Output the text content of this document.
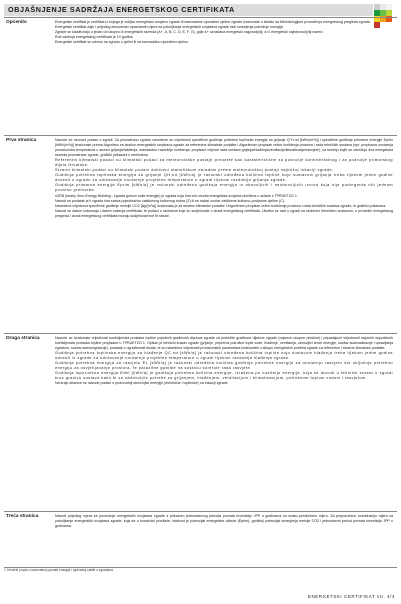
OBJAŠNJENJE SADRŽAJA ENERGETSKOG CERTIFIKATA
Općenito	Energetski certifikat je certifikat iz kojega je vidljivo energetsko svojstvo zgrade ili samostalne uporabne cjeline zgrade izračunato u skladu sa Metodologijom provođenja energetskog pregleda zgrade.

Energetski certifikat daje i prijedlog ekonomski opravdanih mjera za poboljšanje energetskih svojstava zgrade radi smanjenja potrošnje energije.

Zgrade se klasificiraju u jedan od ukupno 8 energetskih razreda (A+, A, B, C, D, E, F, G), gdje A+ označava energetski najpovoljniji, a G energetski najnepovoljniji razred.

Rok važenja energetskog certifikata je 10 godina.

Energetski certifikat se odnosi na zgradu u cjelini ili na samostalnu uporabnu cjelinu.

Prva stranica	Navode se osnovni podaci o zgradi. Za promatranu zgradu navedene su vrijednosti specifične godišnje potrebne toplinske energije za grijanje Q''H,nd [kWh/(m²a)] i specifične godišnje primarne energije Eprim [kWh/(m²a)] izračunate prema Algoritmu za izračun energetskih svojstava zgrade za referentne klimatske podatke i Algoritmom propisan režim korištenja prostora i rada tehničkih sustava (npr. propisana unutarnja proračunska temperatura u sezoni grijanja/hlađenja, standardno razdoblje korištenja, propisani vrijeme rada sustava grijanja/hlađenja/ventilacije/klimatizacije/rasvjete), na temelju kojih se određuju dva energetska razreda promatrane zgrade, grafički prikazani u strelicama.

Referentni klimatski podaci su klimatski podaci za meteorološke postaje preuzete kao karakteristične za područje kontinentalnog i za područje primorskog dijela Hrvatske.

Stvarni klimatski podaci su klimatski podaci dobiveni statističkom obradom preme meteorološkoj postaji najbližoj lokaciji zgrade.

Godišnja potrebna toplinska energija za grijanje QH,nd [kWh/a] je računski određena količina topline koju sustavom grijanja treba tijekom jedne godine dovesti u zgradu za održavanje unutarnje projektne temperature u zgradi tijekom razdoblja grijanja zgrade.

Godišnja primarna energija Eprim [kWh/a] je računski određena godišnja energija iz obnovljivih i neobnovljivih izvora koja nije podvrgnuta niti jednom procesu pretvorbe.

nZEB (nearly Zero-Energy Building - zgrada gotovo nulte energije) je zgrada koja ima vrlo visoka energetska svojstva utvrđena u skladu s TPRUETZG 1.

Navodi se podatak je li zgrada ima status pojedinačno zaštićenog kulturnog dobra (Z) ili se nalazi unutar zaštićene kulturno-povijesne cjeline (C).

Navedena vrijednost specifične godišnje emisije CO2 [kg/(m²a)] izračunata je za stvarne klimatske podatke i Algoritmom propisan režim korištenja prostora i rada tehničkih sustava zgrade, te grafički prikazana.

Navodi se datum izdavanja i datum važenja certifikata, te podaci o osobama koje su sudjelovale u izradi energetskog certifikata. Ukoliko se radi o zgradi sa složenim tehničkim sustavom, u provedbi energetskog pregleda i izradi energetskog certifikata moraju sudjelovati sve tri struke.

Druga stranica	Navode se izračunate vrijednosti koeficijenata prolaska topline pojedinih građevnih dijelova zgrade za pretežite građevne dijelove zgrade (najveće ukupne ploštine) i pripadajuće vrijednosti najvećih dopuštenih koeficijenata prolaska topline propisane u TPRUETZG 1. Opisan je tehnički sustav zgrade (grijanje, priprema potrošne tople vode, hlađenje, ventilacija, obnovljivi izvori energije, sustav automatizacije i upravljanja zgradom, sustav samoregulacije), podatak o ugrađenosti dizala, te su navedene vrijednosti proračunskih parametara izračunatih u sklopu energetskih potreba zgrade za referentne i stvarne klimatske podatke.

Godišnja potrebna toplinska energija za hlađenje QC,nd [kWh/a] je računski određena količina topline koju sustavom hlađenja treba tijekom jedne godine odvesti iz zgrade za održavanje unutarnje projektne temperature u zgradi tijekom razdoblja hlađenja zgrade.

Godišnja potrebna energija za rasvjetu EL [kWh/a] je računski određena količina godišnje potrebne energije za unutarnju rasvjetu što uključuje potrebnu energiju za osvjetljavanje prostora, te parazitne gubitke na sustavu kontrole rada rasvjete.

Godišnja isporučena energija Edel [kWh/a] je godišnja potrebna količina energije, izražena po nositelju energije, koja se dovodi u tehnički sustav u zgradi kroz granicu sustava kako bi se zadovoljile potrebe za grijanjem, hlađenjem, ventilacijom i klimatizacijom, potrošnom toplom vodom i rasvjetom.

Na kraju stranice se navode podaci o proizvodnji obnovljive energije (električne i toplinske) na lokaciji zgrade.

Treća stranica	Navodi prijedlog mjera za povećanje energetskih svojstava zgrade s prikazom jednostavnog perioda povrata investicije JPP u godinama za svaku predloženu mjeru. Za preporučenu kombinaciju mjera za poboljšanje energetskih svojstava zgrade, koja se u konačnici predlaže, istaknut je potencijal energetske uštede (Eprim), godišnji potencijal smanjenja emisije CO2 i jednostavni period povrata investicije JPP u godinama.

1 Tehnički propis o racionalnoj uporabi energije i toplinskoj zaštiti u zgradama
ENERGETSKI CERTIFIKAT str. 4/4
